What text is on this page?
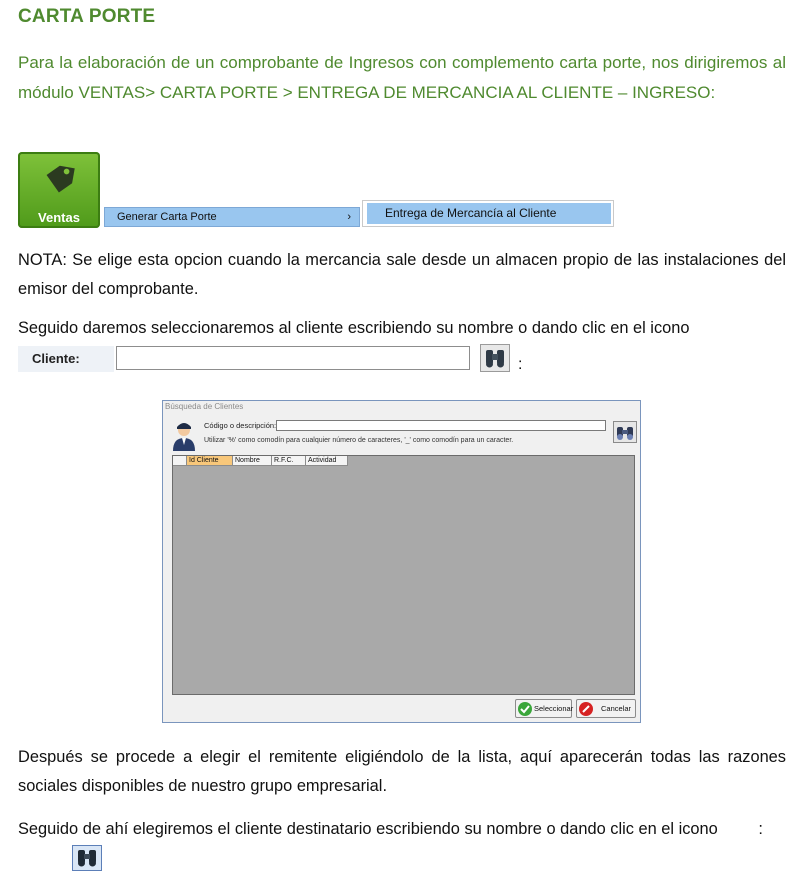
CARTA PORTE
Para la elaboración de un comprobante de Ingresos con complemento carta porte, nos dirigiremos al módulo VENTAS> CARTA PORTE > ENTREGA DE MERCANCIA AL CLIENTE – INGRESO:
Ventas	Generar Carta Porte	›	Entrega de Mercancía al Cliente
NOTA: Se elige esta opcion cuando la mercancia sale desde un almacen propio de las instalaciones del emisor del comprobante.
Seguido daremos seleccionaremos al cliente escribiendo su nombre o dando clic en el icono
Cliente:	:
Búsqueda de Clientes
Código o descripción:
Utilizar '%' como comodín para cualquier número de caracteres, '_' como comodín para un caracter.
Id Cliente	Nombre	R.F.C.	Actividad
Seleccionar	Cancelar
Después se procede a elegir el remitente eligiéndolo de la lista, aquí aparecerán todas las razones sociales disponibles de nuestro grupo empresarial.
Seguido de ahí elegiremos el cliente destinatario escribiendo su nombre o dando clic en el icono :
